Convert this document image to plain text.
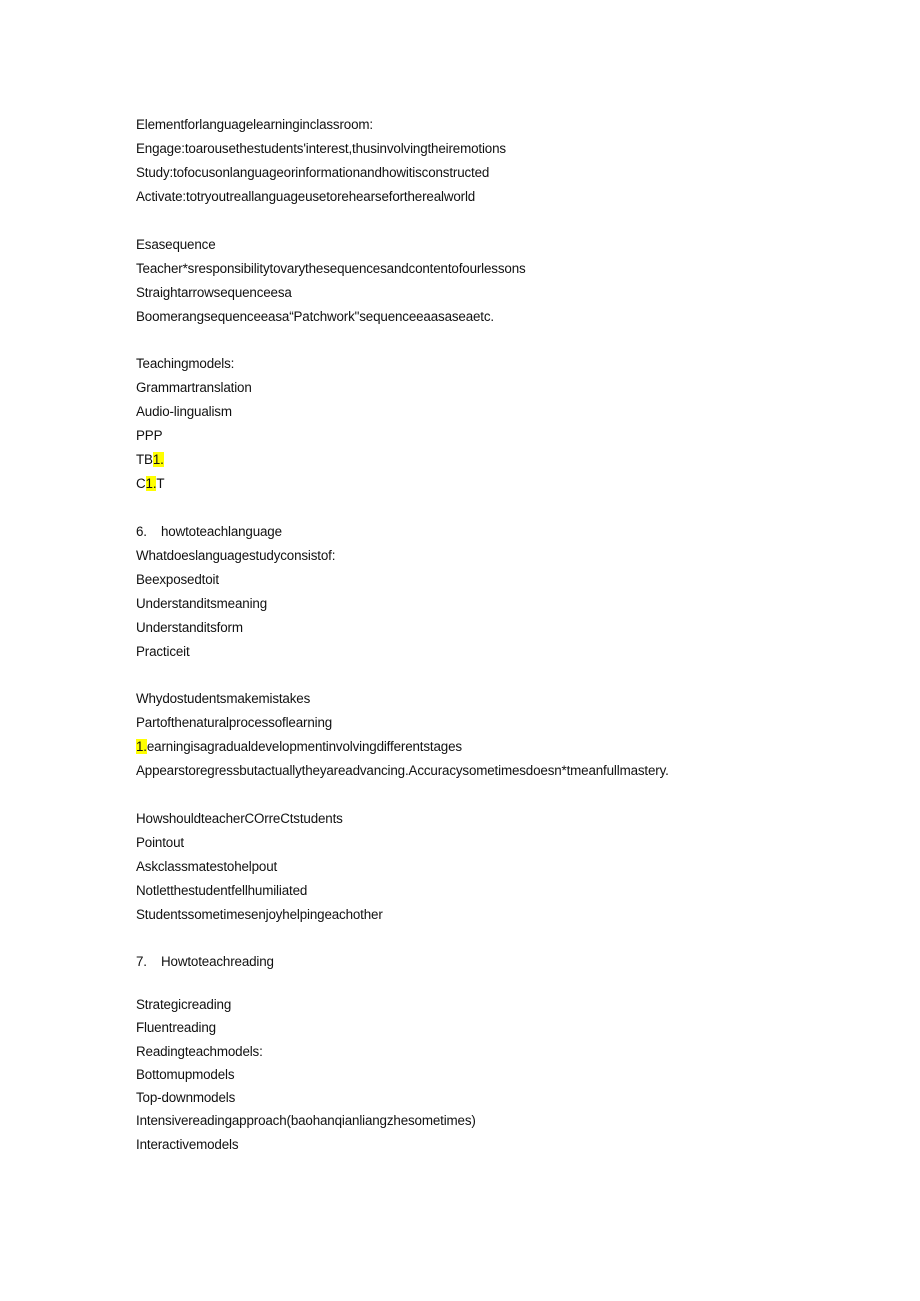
Elementforlanguagelearninginclassroom:
Engage:toarousethestudents'interest,thusinvolvingtheiremotions
Study:tofocusonlanguageorinformationandhowitisconstructed
Activate:totryoutreallanguageusetorehearsefortherealworld
Esasequence
Teacher*sresponsibilitytovarythesequencesandcontentofourlessons
Straightarrowsequenceesa
Boomerangsequenceeasa“Patchwork"sequenceeaasaseaetc.
Teachingmodels:
Grammartranslation
Audio-lingualism
PPP
TB1.
C1.T
6. howtoteachlanguage
Whatdoeslanguagestudyconsistof:
Beexposedtoit
Understanditsmeaning
Understanditsform
Practiceit
Whydostudentsmakemistakes
Partofthenaturalprocessoflearning
1.earningisagradualdevelopmentinvolvingdifferentstages
Appearstoregressbutactuallytheyareadvancing.Accuracysometimesdoesn*tmeanfullmastery.
HowshouldteacherCOrreCtstudents
Pointout
Askclassmatestohelpout
Notletthestudentfellhumiliated
Studentssometimesenjoyhelpingeachother
7. Howtoteachreading
Strategicreading
Fluentreading
Readingteachmodels:
Bottomupmodels
Top-downmodels
Intensivereadingapproach(baohanqianliangzhesometimes)
Interactivemodels
